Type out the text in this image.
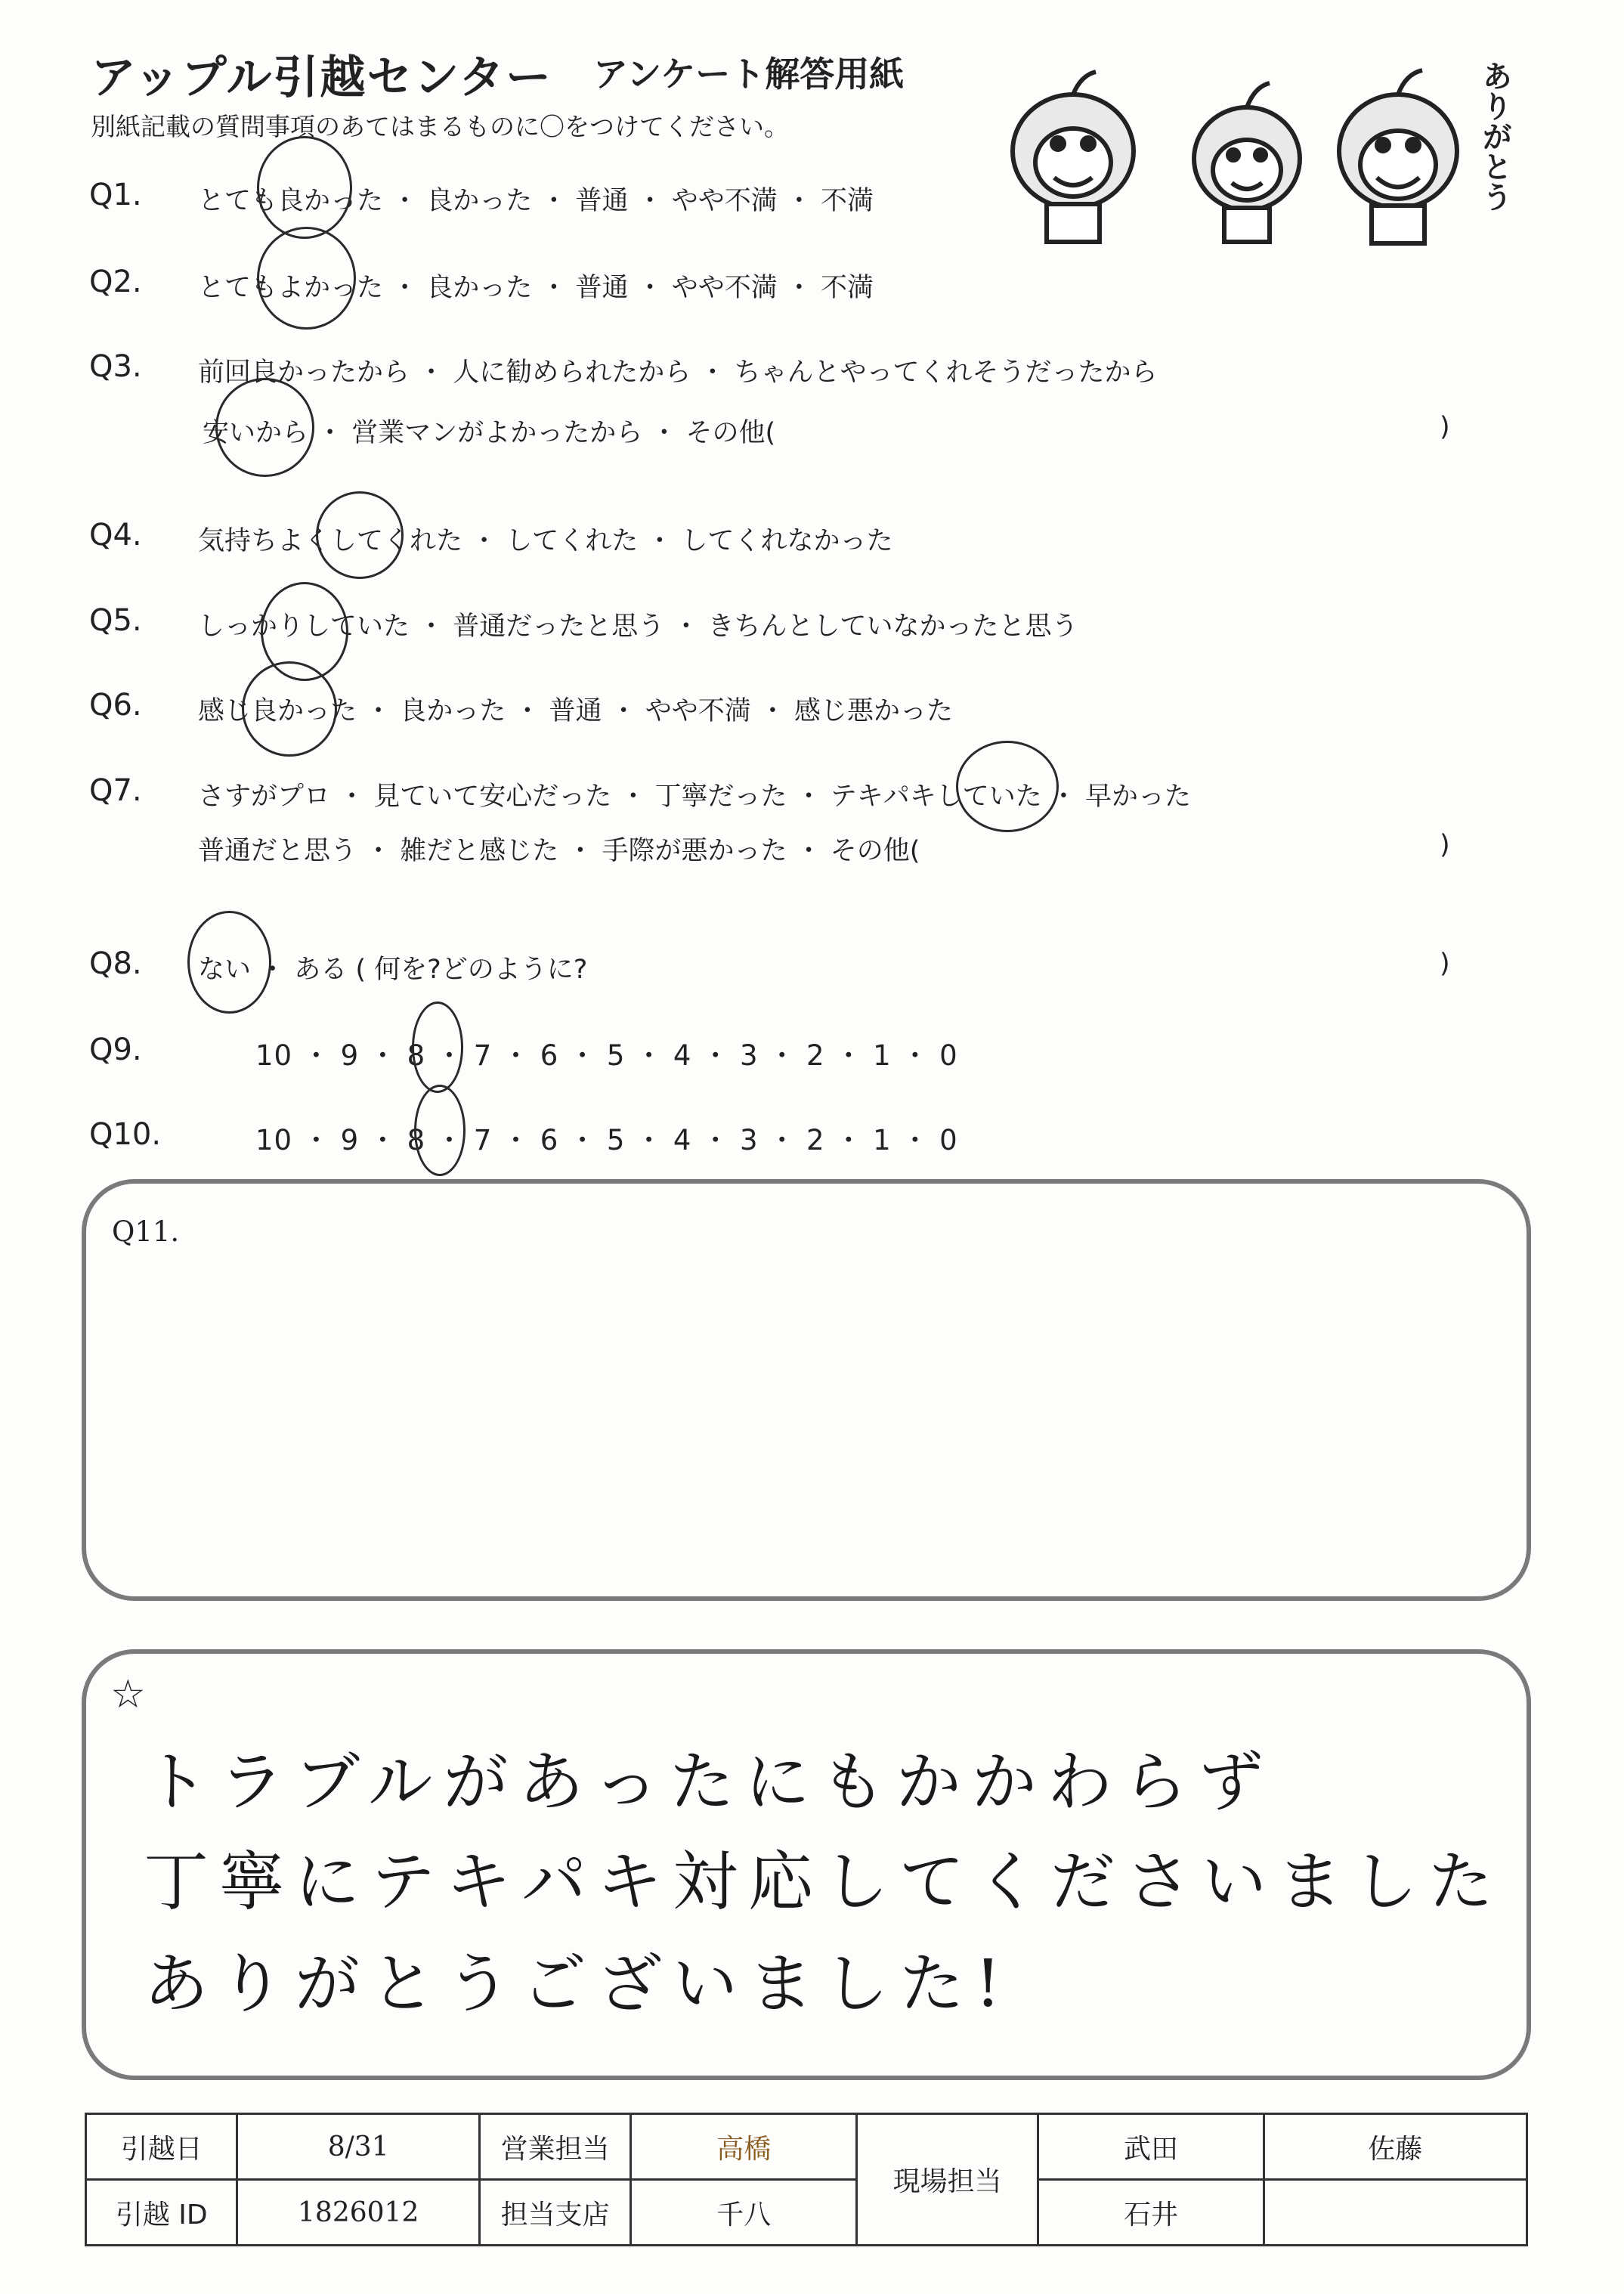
アップル引越センター アンケート解答用紙
別紙記載の質問事項のあてはまるものに〇をつけてください。	ありがとう
Q1. とても良かった ・ 良かった ・ 普通 ・ やや不満 ・ 不満
Q2. とてもよかった ・ 良かった ・ 普通 ・ やや不満 ・ 不満
Q3. 前回良かったから ・ 人に勧められたから ・ ちゃんとやってくれそうだったから
安いから ・ 営業マンがよかったから ・ その他(	)
Q4. 気持ちよくしてくれた ・ してくれた ・ してくれなかった
Q5. しっかりしていた ・ 普通だったと思う ・ きちんとしていなかったと思う
Q6. 感じ良かった ・ 良かった ・ 普通 ・ やや不満 ・ 感じ悪かった
Q7. さすがプロ ・ 見ていて安心だった ・ 丁寧だった ・ テキパキしていた ・ 早かった
普通だと思う ・ 雑だと感じた ・ 手際が悪かった ・ その他(	)
Q8. ない ・ ある ( 何を?どのように?	)
Q9.	10 ・ 9 ・ 8 ・ 7 ・ 6 ・ 5 ・ 4 ・ 3 ・ 2 ・ 1 ・ 0
Q10.	10 ・ 9 ・ 8 ・ 7 ・ 6 ・ 5 ・ 4 ・ 3 ・ 2 ・ 1 ・ 0
Q11.
☆
トラブルがあったにもかかわらず
丁寧にテキパキ対応してくださいました
ありがとうございました!
引越日	8/31	営業担当	高橋	現場担当	武田	佐藤
引越 ID	1826012	担当支店	千八		石井	
